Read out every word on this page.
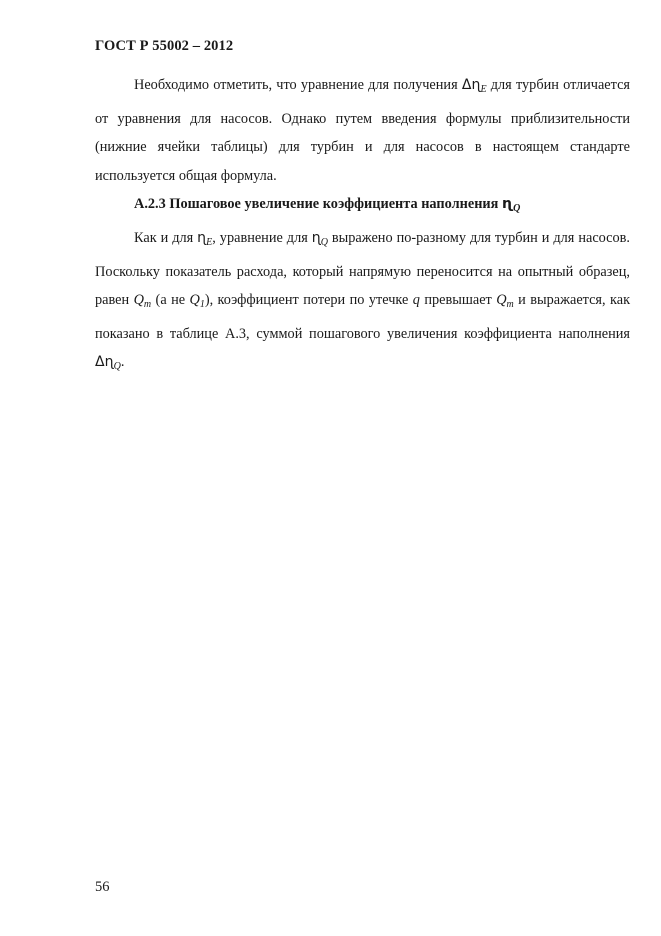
ГОСТ Р 55002 – 2012

Необходимо отметить, что уравнение для получения Δɳ$_E$ для турбин отличается от уравнения для насосов. Однако путем введения формулы приблизительности (нижние ячейки таблицы) для турбин и для насосов в настоящем стандарте используется общая формула.

А.2.3 Пошаговое увеличение коэффициента наполнения ɳ$_Q$

Как и для ɳ$_E$, уравнение для ɳ$_Q$ выражено по-разному для турбин и для насосов. Поскольку показатель расхода, который напрямую переносится на опытный образец, равен $Q_m$ (а не $Q_1$), коэффициент потери по утечке q превышает $Q_m$ и выражается, как показано в таблице А.3, суммой пошагового увеличения коэффициента наполнения Δɳ$_Q$.

56
